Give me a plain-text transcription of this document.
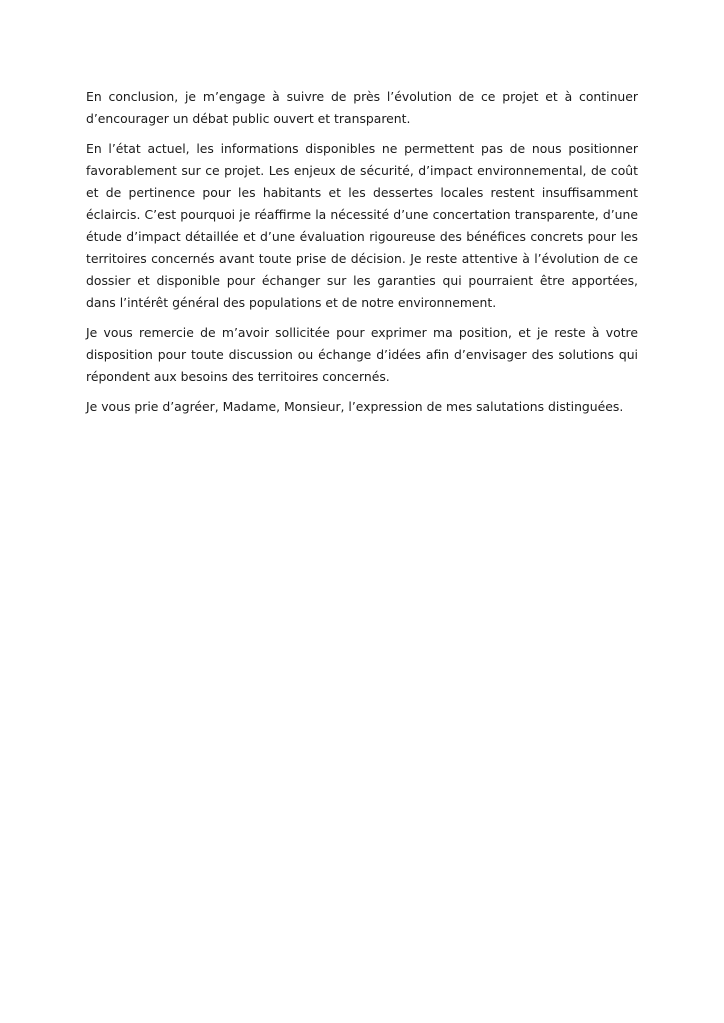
En conclusion, je m’engage à suivre de près l’évolution de ce projet et à continuer d’encourager un débat public ouvert et transparent.

En l’état actuel, les informations disponibles ne permettent pas de nous positionner favorablement sur ce projet. Les enjeux de sécurité, d’impact environnemental, de coût et de pertinence pour les habitants et les dessertes locales restent insuffisamment éclaircis. C’est pourquoi je réaffirme la nécessité d’une concertation transparente, d’une étude d’impact détaillée et d’une évaluation rigoureuse des bénéfices concrets pour les territoires concernés avant toute prise de décision. Je reste attentive à l’évolution de ce dossier et disponible pour échanger sur les garanties qui pourraient être apportées, dans l’intérêt général des populations et de notre environnement.

Je vous remercie de m’avoir sollicitée pour exprimer ma position, et je reste à votre disposition pour toute discussion ou échange d’idées afin d’envisager des solutions qui répondent aux besoins des territoires concernés.

Je vous prie d’agréer, Madame, Monsieur, l’expression de mes salutations distinguées.
